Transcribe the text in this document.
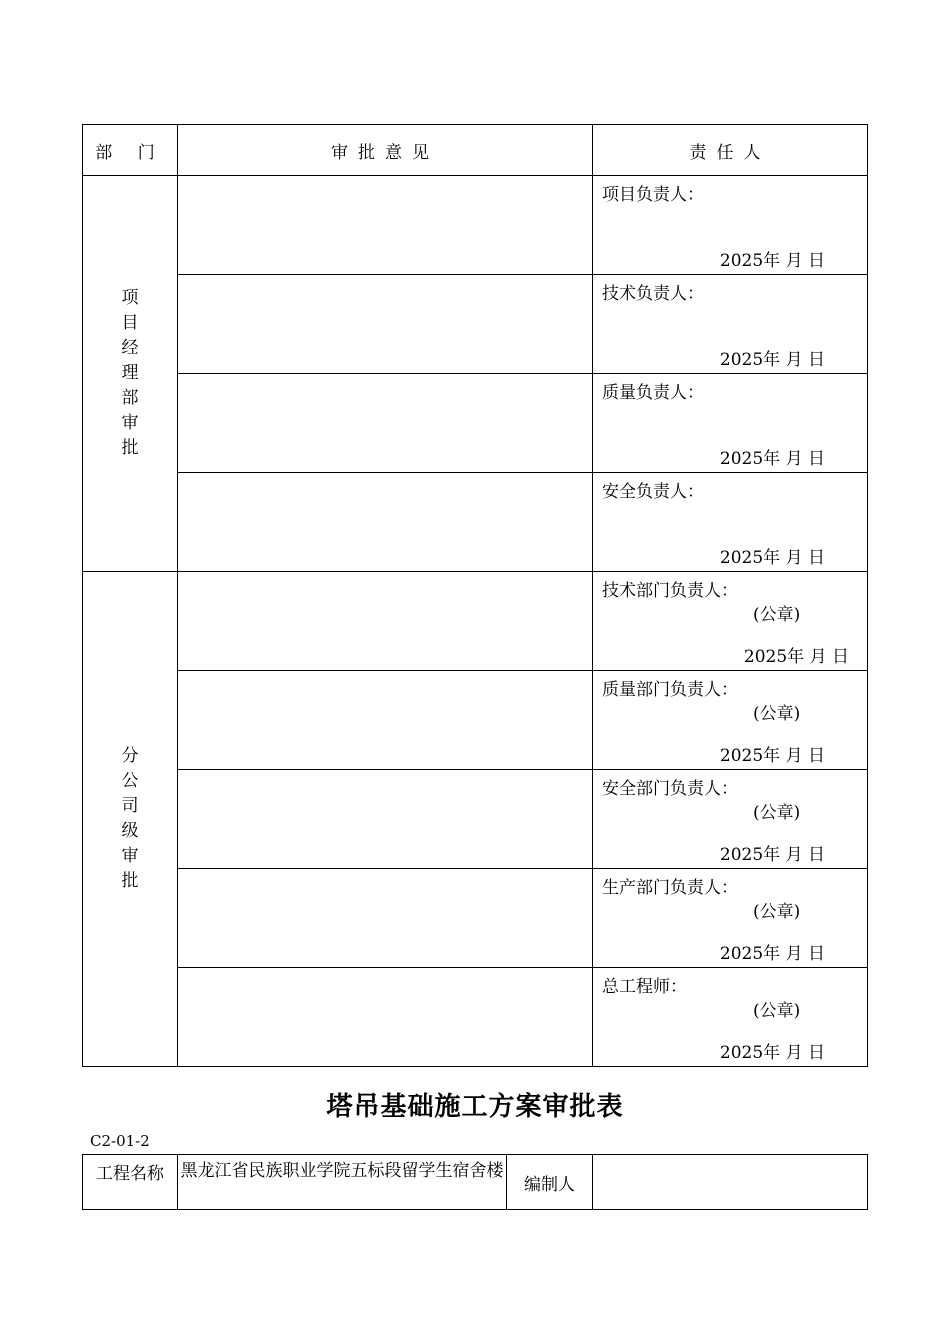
部 门	审批意见	责任人

项目经理部审批		项目负责人：
2025年 月 日

		技术负责人：
2025年 月 日

		质量负责人：
2025年 月 日

		安全负责人：
2025年 月 日

分公司级审批		技术部门负责人：
(公章)
2025年 月 日

		质量部门负责人：
(公章)
2025年 月 日

		安全部门负责人：
(公章)
2025年 月 日

		生产部门负责人：
(公章)
2025年 月 日

		总工程师：
(公章)
2025年 月 日
塔吊基础施工方案审批表
C2-01-2
工程名称	黑龙江省民族职业学院五标段留学生宿舍楼	编制人	
